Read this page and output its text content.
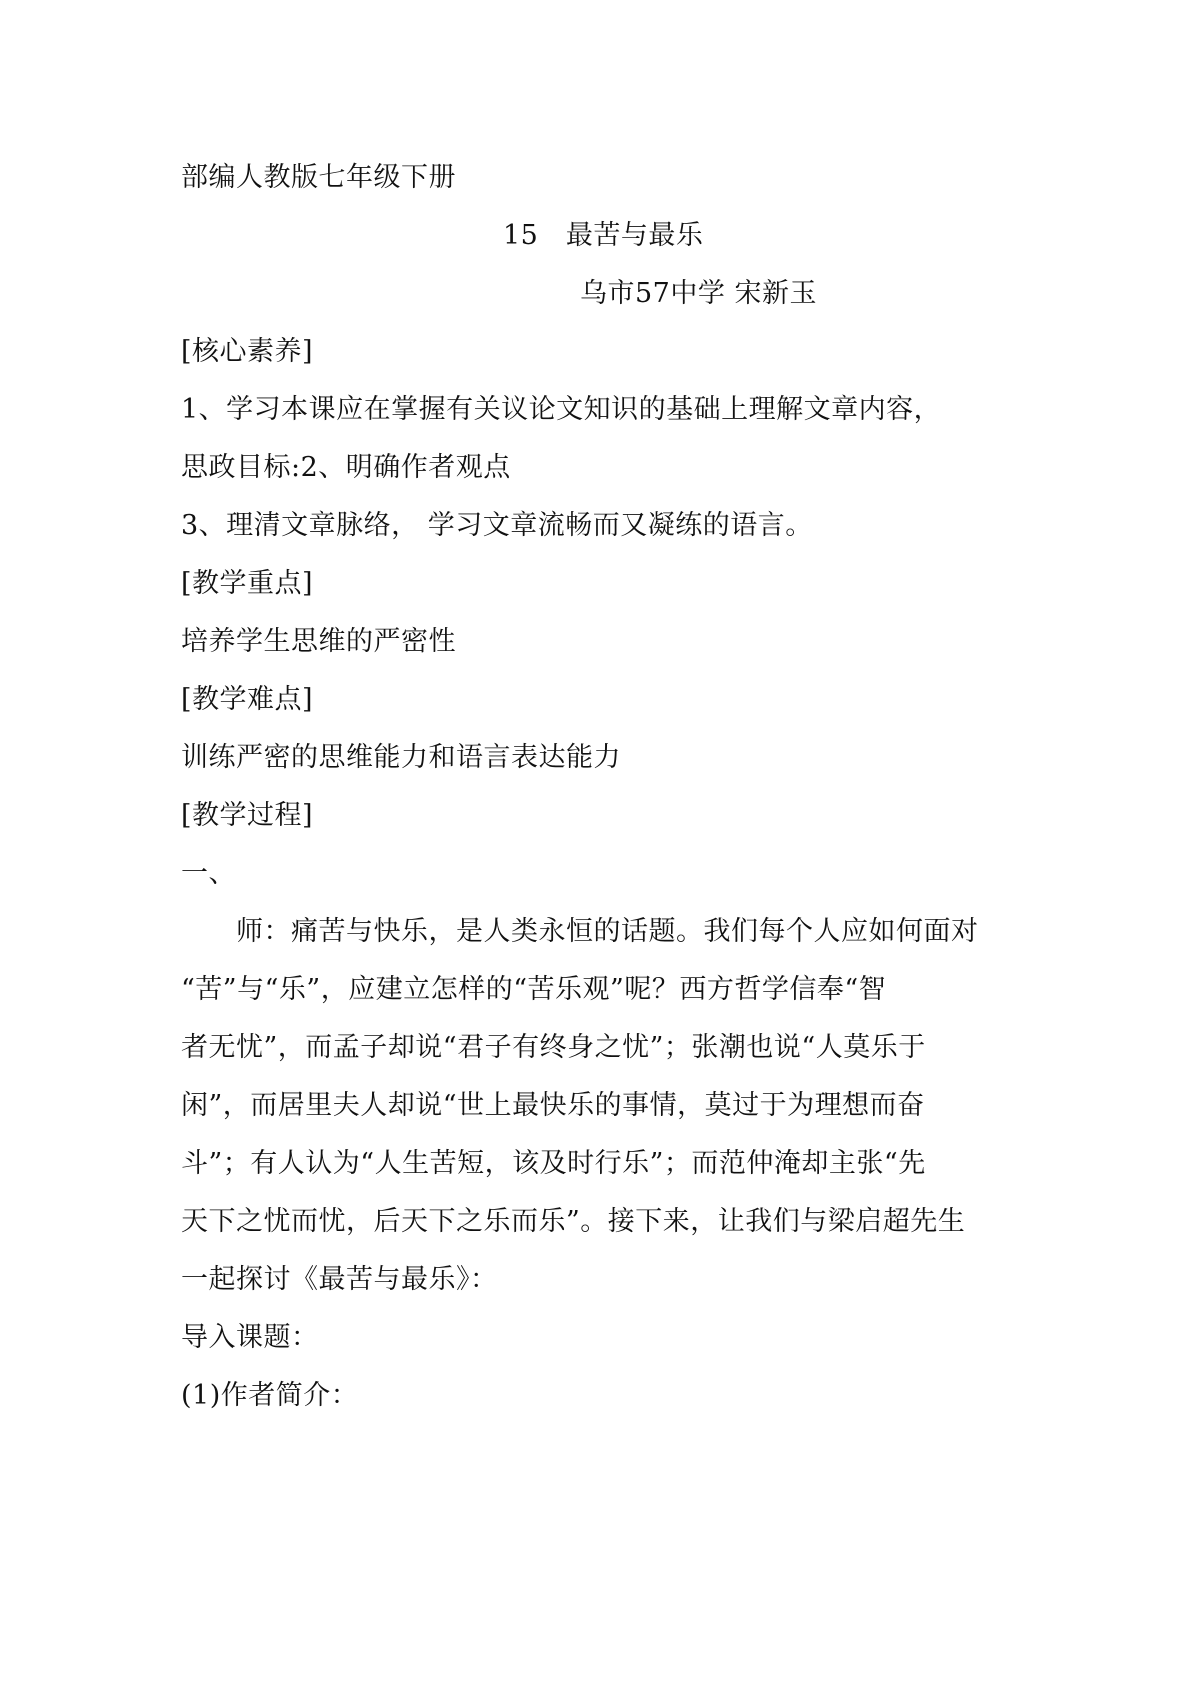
部编人教版七年级下册
15　最苦与最乐
乌市57中学 宋新玉
[核心素养]
1、学习本课应在掌握有关议论文知识的基础上理解文章内容，
思政目标:2、明确作者观点
3、理清文章脉络， 学习文章流畅而又凝练的语言。
[教学重点]
培养学生思维的严密性
[教学难点]
训练严密的思维能力和语言表达能力
[教学过程]
一、
师：痛苦与快乐，是人类永恒的话题。我们每个人应如何面对
“苦”与“乐”，应建立怎样的“苦乐观”呢？西方哲学信奉“智
者无忧”，而孟子却说“君子有终身之忧”；张潮也说“人莫乐于
闲”，而居里夫人却说“世上最快乐的事情，莫过于为理想而奋
斗”；有人认为“人生苦短，该及时行乐”；而范仲淹却主张“先
天下之忧而忧，后天下之乐而乐”。接下来，让我们与梁启超先生
一起探讨《最苦与最乐》：
导入课题：
(1)作者简介：
